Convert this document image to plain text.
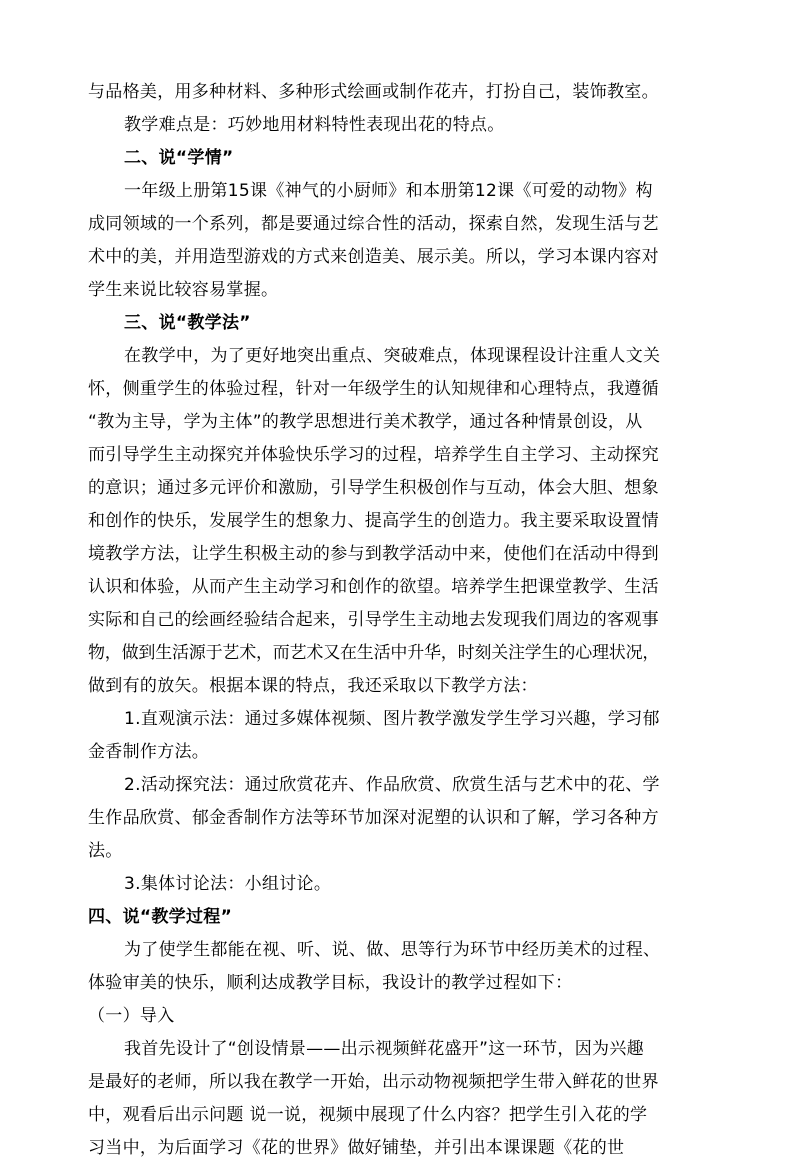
与品格美，用多种材料、多种形式绘画或制作花卉，打扮自己，装饰教室。
教学难点是：巧妙地用材料特性表现出花的特点。
二、说“学情”
一年级上册第15课《神气的小厨师》和本册第12课《可爱的动物》构
成同领域的一个系列，都是要通过综合性的活动，探索自然，发现生活与艺
术中的美，并用造型游戏的方式来创造美、展示美。所以，学习本课内容对
学生来说比较容易掌握。
三、说“教学法”
在教学中，为了更好地突出重点、突破难点，体现课程设计注重人文关
怀，侧重学生的体验过程，针对一年级学生的认知规律和心理特点，我遵循
“教为主导，学为主体”的教学思想进行美术教学，通过各种情景创设，从
而引导学生主动探究并体验快乐学习的过程，培养学生自主学习、主动探究
的意识；通过多元评价和激励，引导学生积极创作与互动，体会大胆、想象
和创作的快乐，发展学生的想象力、提高学生的创造力。我主要采取设置情
境教学方法，让学生积极主动的参与到教学活动中来，使他们在活动中得到
认识和体验，从而产生主动学习和创作的欲望。培养学生把课堂教学、生活
实际和自己的绘画经验结合起来，引导学生主动地去发现我们周边的客观事
物，做到生活源于艺术，而艺术又在生活中升华，时刻关注学生的心理状况，
做到有的放矢。根据本课的特点，我还采取以下教学方法：
1.直观演示法：通过多媒体视频、图片教学激发学生学习兴趣，学习郁
金香制作方法。
2.活动探究法：通过欣赏花卉、作品欣赏、欣赏生活与艺术中的花、学
生作品欣赏、郁金香制作方法等环节加深对泥塑的认识和了解，学习各种方
法。
3.集体讨论法：小组讨论。
四、说“教学过程”
为了使学生都能在视、听、说、做、思等行为环节中经历美术的过程、
体验审美的快乐，顺利达成教学目标，我设计的教学过程如下：
（一）导入
我首先设计了“创设情景——出示视频鲜花盛开”这一环节，因为兴趣
是最好的老师，所以我在教学一开始，出示动物视频把学生带入鲜花的世界
中，观看后出示问题 说一说，视频中展现了什么内容？把学生引入花的学
习当中，为后面学习《花的世界》做好铺垫，并引出本课课题《花的世
